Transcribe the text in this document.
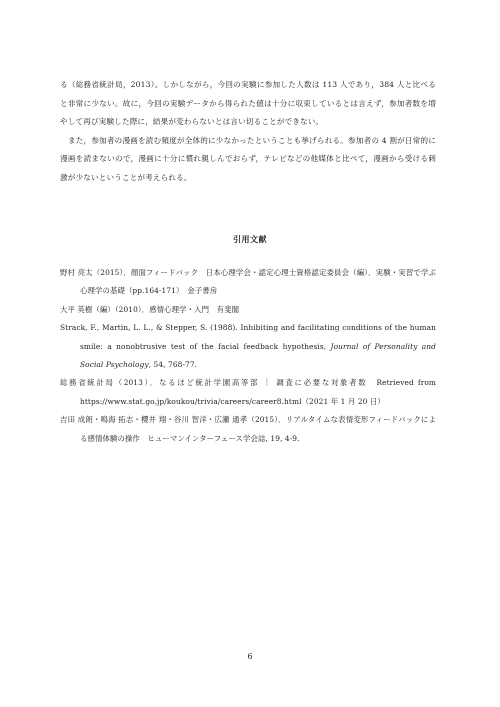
る（総務省統計局，2013）。しかしながら，今回の実験に参加した人数は 113 人であり，384 人と比べると非常に少ない。故に，今回の実験データから得られた値は十分に収束しているとは言えず，参加者数を増やして再び実験した際に，結果が変わらないとは言い切ることができない。

また，参加者の漫画を読む頻度が全体的に少なかったということも挙げられる。参加者の 4 割が日常的に漫画を読まないので，漫画に十分に慣れ親しんでおらず，テレビなどの他媒体と比べて，漫画から受ける刺激が少ないということが考えられる。

引用文献

野村 亮太（2015）．顔面フィードバック　日本心理学会・認定心理士資格認定委員会（編）．実験・実習で学ぶ心理学の基礎（pp.164-171）　金子書房

大平 英樹（編）（2010）．感情心理学・入門　有斐閣

Strack, F., Martin, L. L., & Stepper, S. (1988). Inhibiting and facilitating conditions of the human smile: a nonobtrusive test of the facial feedback hypothesis, Journal of Personality and Social Psychology, 54, 768-77.

総務省統計局（2013）．なるほど統計学園高等部 ｜ 調査に必要な対象者数　Retrieved from https://www.stat.go.jp/koukou/trivia/careers/career8.html（2021 年 1 月 20 日）

吉田 成朗・鳴海 拓志・櫻井 翔・谷川 智洋・広瀬 通孝（2015）．リアルタイムな表情変形フィードバックによる感情体験の操作　ヒューマンインターフェース学会誌, 19, 4-9.

6
